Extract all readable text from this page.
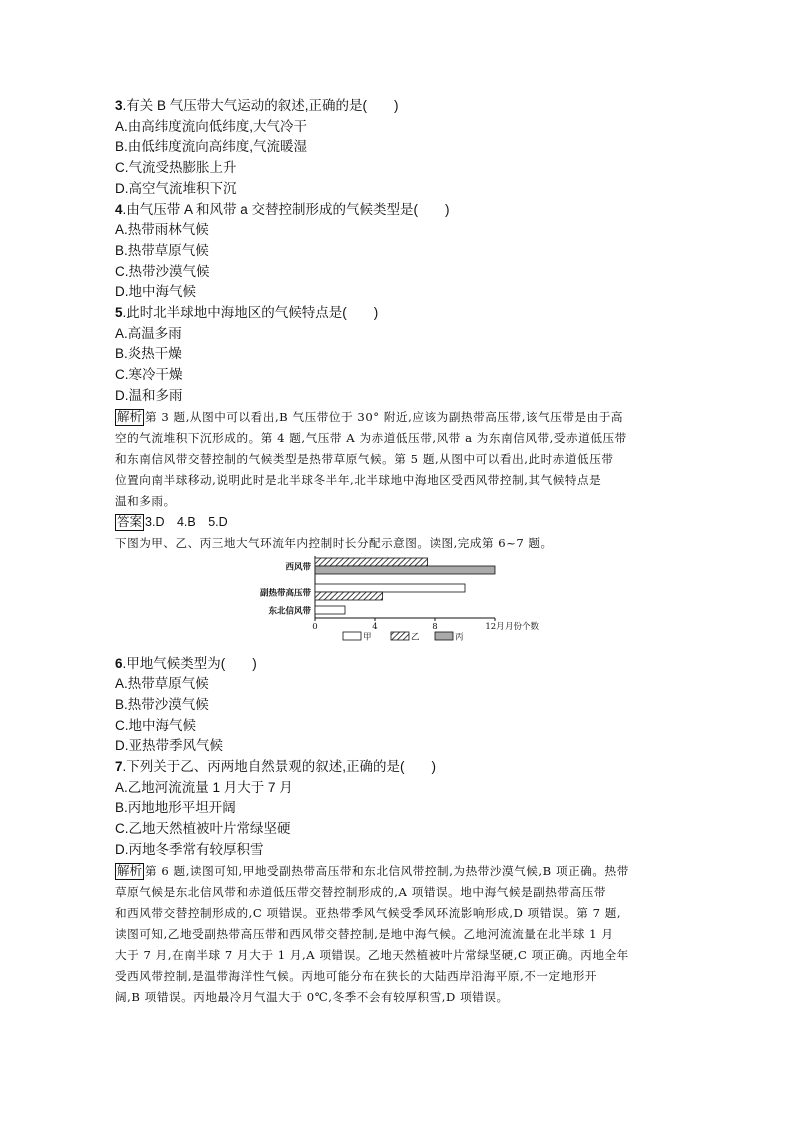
3.有关 B 气压带大气运动的叙述,正确的是(　　)
A.由高纬度流向低纬度,大气冷干
B.由低纬度流向高纬度,气流暖湿
C.气流受热膨胀上升
D.高空气流堆积下沉
4.由气压带 A 和风带 a 交替控制形成的气候类型是(　　)
A.热带雨林气候
B.热带草原气候
C.热带沙漠气候
D.地中海气候
5.此时北半球地中海地区的气候特点是(　　)
A.高温多雨
B.炎热干燥
C.寒冷干燥
D.温和多雨
解析 第 3 题,从图中可以看出,B 气压带位于 30° 附近,应该为副热带高压带,该气压带是由于高
空的气流堆积下沉形成的。第 4 题,气压带 A 为赤道低压带,风带 a 为东南信风带,受赤道低压带
和东南信风带交替控制的气候类型是热带草原气候。第 5 题,从图中可以看出,此时赤道低压带
位置向南半球移动,说明此时是北半球冬半年,北半球地中海地区受西风带控制,其气候特点是
温和多雨。
答案 3.D　4.B　5.D
下图为甲、乙、丙三地大气环流年内控制时长分配示意图。读图,完成第 6~7 题。
西风带
副热带高压带
东北信风带
0	4	8	12月 月份个数
甲	乙	丙
6.甲地气候类型为(　　)
A.热带草原气候
B.热带沙漠气候
C.地中海气候
D.亚热带季风气候
7.下列关于乙、丙两地自然景观的叙述,正确的是(　　)
A.乙地河流流量 1 月大于 7 月
B.丙地地形平坦开阔
C.乙地天然植被叶片常绿坚硬
D.丙地冬季常有较厚积雪
解析 第 6 题,读图可知,甲地受副热带高压带和东北信风带控制,为热带沙漠气候,B 项正确。热带
草原气候是东北信风带和赤道低压带交替控制形成的,A 项错误。地中海气候是副热带高压带
和西风带交替控制形成的,C 项错误。亚热带季风气候受季风环流影响形成,D 项错误。第 7 题,
读图可知,乙地受副热带高压带和西风带交替控制,是地中海气候。乙地河流流量在北半球 1 月
大于 7 月,在南半球 7 月大于 1 月,A 项错误。乙地天然植被叶片常绿坚硬,C 项正确。丙地全年
受西风带控制,是温带海洋性气候。丙地可能分布在狭长的大陆西岸沿海平原,不一定地形开
阔,B 项错误。丙地最冷月气温大于 0℃,冬季不会有较厚积雪,D 项错误。
